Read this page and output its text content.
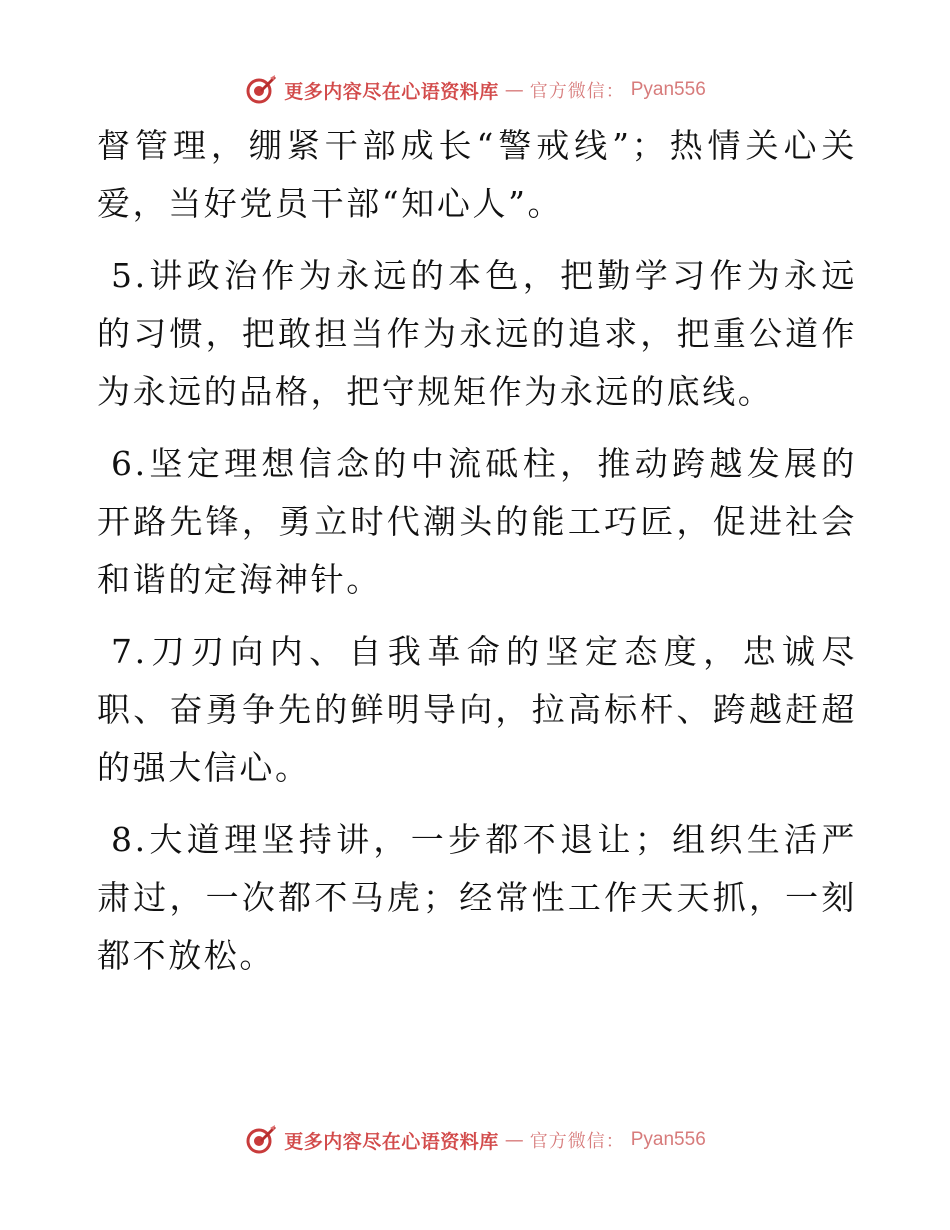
更多内容尽在心语资料库 — 官方微信： Pyan556

督管理，绷紧干部成长“警戒线”；热情关心关爱，当好党员干部“知心人”。

5.讲政治作为永远的本色，把勤学习作为永远的习惯，把敢担当作为永远的追求，把重公道作为永远的品格，把守规矩作为永远的底线。

6.坚定理想信念的中流砥柱，推动跨越发展的开路先锋，勇立时代潮头的能工巧匠，促进社会和谐的定海神针。

7.刀刃向内、自我革命的坚定态度，忠诚尽职、奋勇争先的鲜明导向，拉高标杆、跨越赶超的强大信心。

8.大道理坚持讲，一步都不退让；组织生活严肃过，一次都不马虎；经常性工作天天抓，一刻都不放松。

更多内容尽在心语资料库 — 官方微信： Pyan556
